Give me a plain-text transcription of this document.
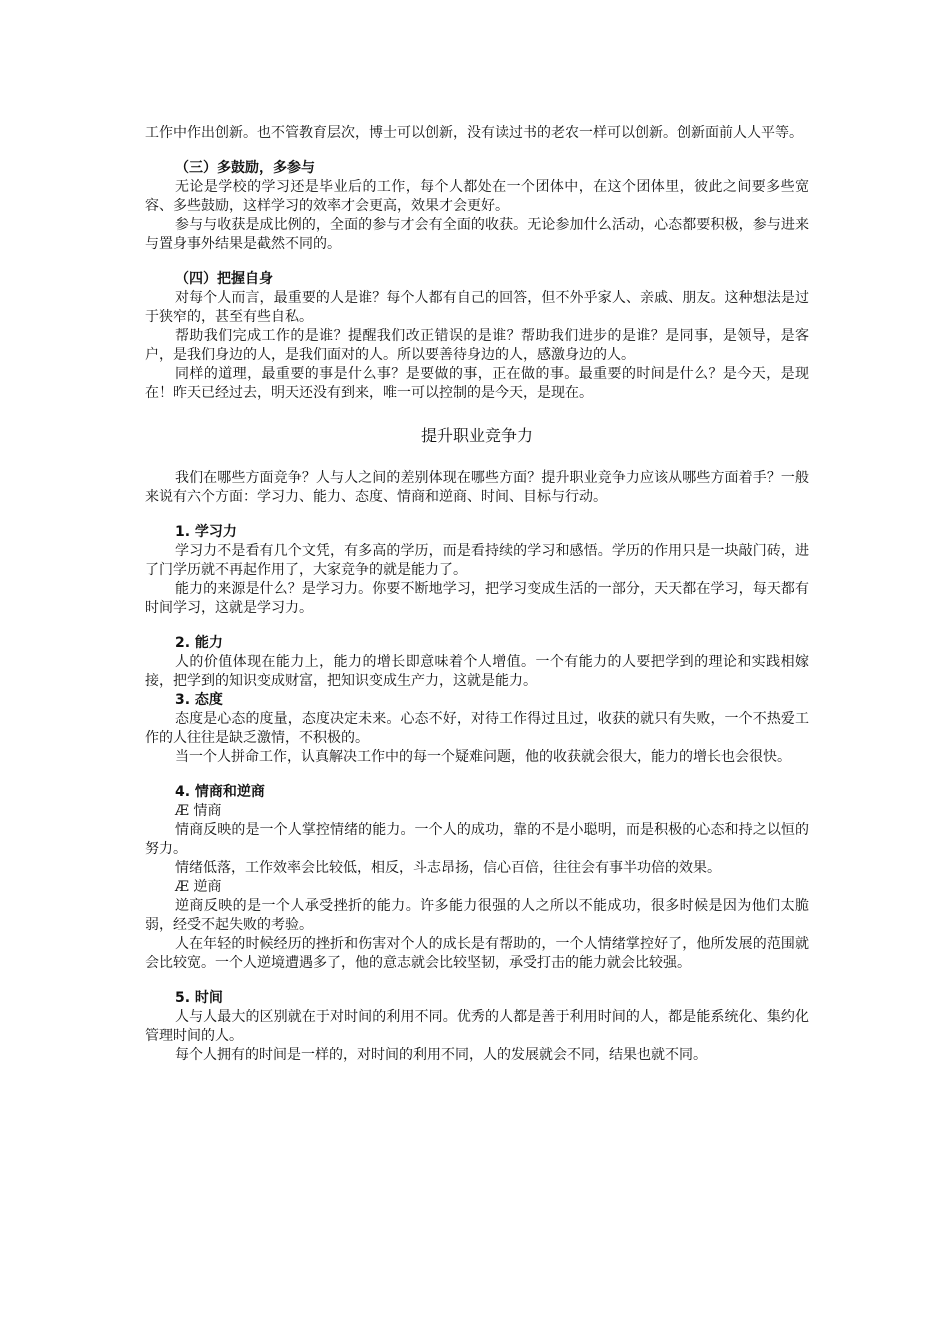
工作中作出创新。也不管教育层次，博士可以创新，没有读过书的老农一样可以创新。创新面前人人平等。

（三）多鼓励，多参与

无论是学校的学习还是毕业后的工作，每个人都处在一个团体中，在这个团体里，彼此之间要多些宽容、多些鼓励，这样学习的效率才会更高，效果才会更好。

参与与收获是成比例的，全面的参与才会有全面的收获。无论参加什么活动，心态都要积极，参与进来与置身事外结果是截然不同的。

（四）把握自身

对每个人而言，最重要的人是谁？每个人都有自己的回答，但不外乎家人、亲戚、朋友。这种想法是过于狭窄的，甚至有些自私。

帮助我们完成工作的是谁？提醒我们改正错误的是谁？帮助我们进步的是谁？是同事，是领导，是客户，是我们身边的人，是我们面对的人。所以要善待身边的人，感激身边的人。

同样的道理，最重要的事是什么事？是要做的事，正在做的事。最重要的时间是什么？是今天，是现在！昨天已经过去，明天还没有到来，唯一可以控制的是今天，是现在。

提升职业竞争力

我们在哪些方面竞争？人与人之间的差别体现在哪些方面？提升职业竞争力应该从哪些方面着手？一般来说有六个方面：学习力、能力、态度、情商和逆商、时间、目标与行动。

1. 学习力

学习力不是看有几个文凭，有多高的学历，而是看持续的学习和感悟。学历的作用只是一块敲门砖，进了门学历就不再起作用了，大家竞争的就是能力了。

能力的来源是什么？是学习力。你要不断地学习，把学习变成生活的一部分，天天都在学习，每天都有时间学习，这就是学习力。

2. 能力

人的价值体现在能力上，能力的增长即意味着个人增值。一个有能力的人要把学到的理论和实践相嫁接，把学到的知识变成财富，把知识变成生产力，这就是能力。

3. 态度

态度是心态的度量，态度决定未来。心态不好，对待工作得过且过，收获的就只有失败，一个不热爱工作的人往往是缺乏激情，不积极的。

当一个人拼命工作，认真解决工作中的每一个疑难问题，他的收获就会很大，能力的增长也会很快。

4. 情商和逆商

Æ 情商

情商反映的是一个人掌控情绪的能力。一个人的成功，靠的不是小聪明，而是积极的心态和持之以恒的努力。

情绪低落，工作效率会比较低，相反，斗志昂扬，信心百倍，往往会有事半功倍的效果。

Æ 逆商

逆商反映的是一个人承受挫折的能力。许多能力很强的人之所以不能成功，很多时候是因为他们太脆弱，经受不起失败的考验。

人在年轻的时候经历的挫折和伤害对个人的成长是有帮助的，一个人情绪掌控好了，他所发展的范围就会比较宽。一个人逆境遭遇多了，他的意志就会比较坚韧，承受打击的能力就会比较强。

5. 时间

人与人最大的区别就在于对时间的利用不同。优秀的人都是善于利用时间的人，都是能系统化、集约化管理时间的人。

每个人拥有的时间是一样的，对时间的利用不同，人的发展就会不同，结果也就不同。
